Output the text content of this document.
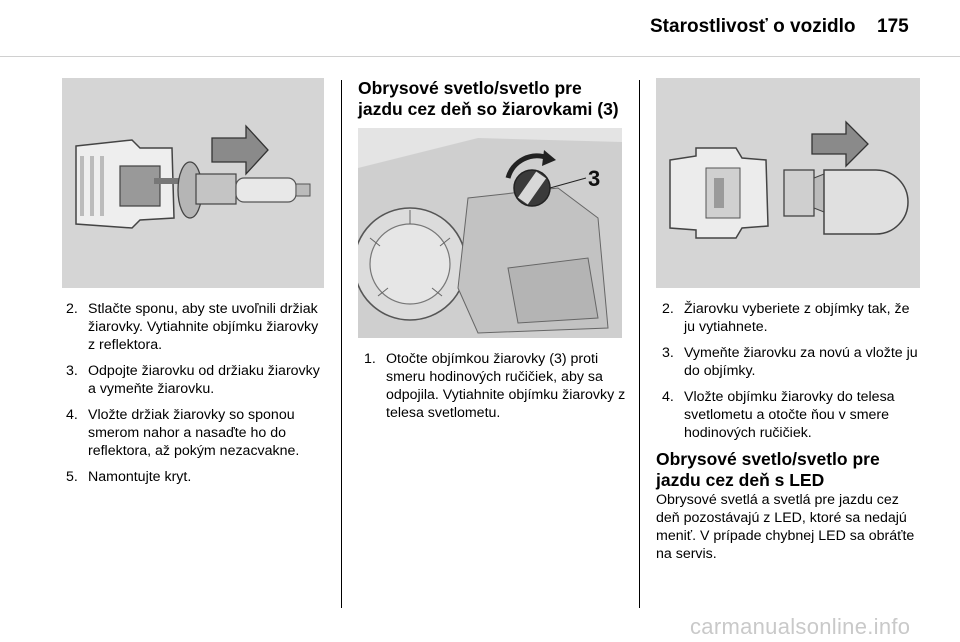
Starostlivosť o vozidlo 175
2. Stlačte sponu, aby ste uvoľnili držiak žiarovky. Vytiahnite objímku žiarovky z reflektora.
3. Odpojte žiarovku od držiaku žiarovky a vymeňte žiarovku.
4. Vložte držiak žiarovky so sponou smerom nahor a nasaďte ho do reflektora, až pokým nezacvakne.
5. Namontujte kryt.
Obrysové svetlo/svetlo pre jazdu cez deň so žiarovkami (3)
3
1. Otočte objímkou žiarovky (3) proti smeru hodinových ručičiek, aby sa odpojila. Vytiahnite objímku žiarovky z telesa svetlometu.
2. Žiarovku vyberiete z objímky tak, že ju vytiahnete.
3. Vymeňte žiarovku za novú a vložte ju do objímky.
4. Vložte objímku žiarovky do telesa svetlometu a otočte ňou v smere hodinových ručičiek.
Obrysové svetlo/svetlo pre jazdu cez deň s LED

Obrysové svetlá a svetlá pre jazdu cez deň pozostávajú z LED, ktoré sa nedajú meniť. V prípade chybnej LED sa obráťte na servis.

carmanualsonline.info
